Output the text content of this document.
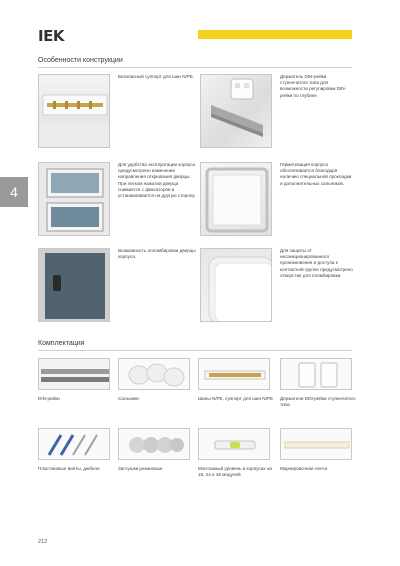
IEK
4
Особенности конструкции
Безопасный суппорт для шин N/PE.	Держатель DIN-рейки ступенчатого типа для возможности регулировки DIN-рейки по глубине.
Для удобства эксплуатации корпуса предусмотрено изменение направления открывания дверцы. При легком нажатии дверца снимается с фиксаторов и устанавливается на другую сторону.
Герметизация корпуса обеспечивается благодаря наличию специальной прокладки и дополнительных сальников.
Возможность опломбировки дверцы корпуса.
Для защиты от несанкционированного проникновения и доступа к контактной группе предусмотрено отверстие для пломбировки.
Комплектация
DIN-рейки	Сальники	Шины N/PE, суппорт для шин N/PE Держатели DIN-рейки ступенчатого типа
Пластиковые винты, дюбели	Заглушки резиновые	Монтажный уровень в корпусах на 18, 24 и 36 модулей
Маркировочная лента
212
